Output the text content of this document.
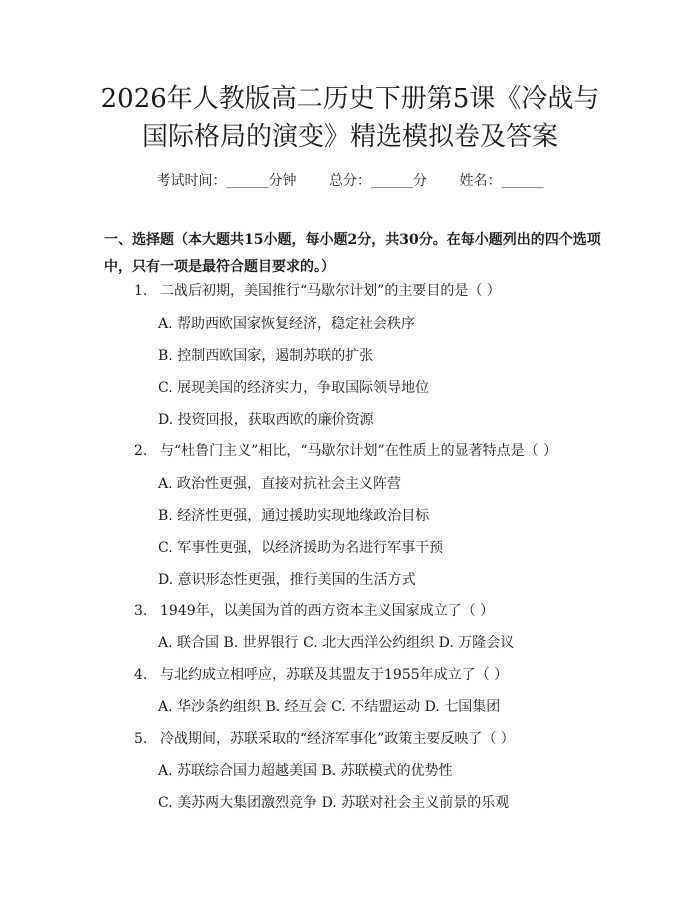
2026年人教版高二历史下册第5课《冷战与
国际格局的演变》精选模拟卷及答案
考试时间：______分钟 总分：______分 姓名：______
一、选择题（本大题共15小题，每小题2分，共30分。在每小题列出的四个选项中，只有一项是最符合题目要求的。）
1. 二战后初期，美国推行“马歇尔计划”的主要目的是（ ）
A. 帮助西欧国家恢复经济，稳定社会秩序
B. 控制西欧国家，遏制苏联的扩张
C. 展现美国的经济实力，争取国际领导地位
D. 投资回报，获取西欧的廉价资源
2. 与“杜鲁门主义”相比，“马歇尔计划”在性质上的显著特点是（ ）
A. 政治性更强，直接对抗社会主义阵营
B. 经济性更强，通过援助实现地缘政治目标
C. 军事性更强，以经济援助为名进行军事干预
D. 意识形态性更强，推行美国的生活方式
3. 1949年，以美国为首的西方资本主义国家成立了（ ）
A. 联合国 B. 世界银行 C. 北大西洋公约组织 D. 万隆会议
4. 与北约成立相呼应，苏联及其盟友于1955年成立了（ ）
A. 华沙条约组织 B. 经互会 C. 不结盟运动 D. 七国集团
5. 冷战期间，苏联采取的“经济军事化”政策主要反映了（ ）
A. 苏联综合国力超越美国 B. 苏联模式的优势性
C. 美苏两大集团激烈竞争 D. 苏联对社会主义前景的乐观
